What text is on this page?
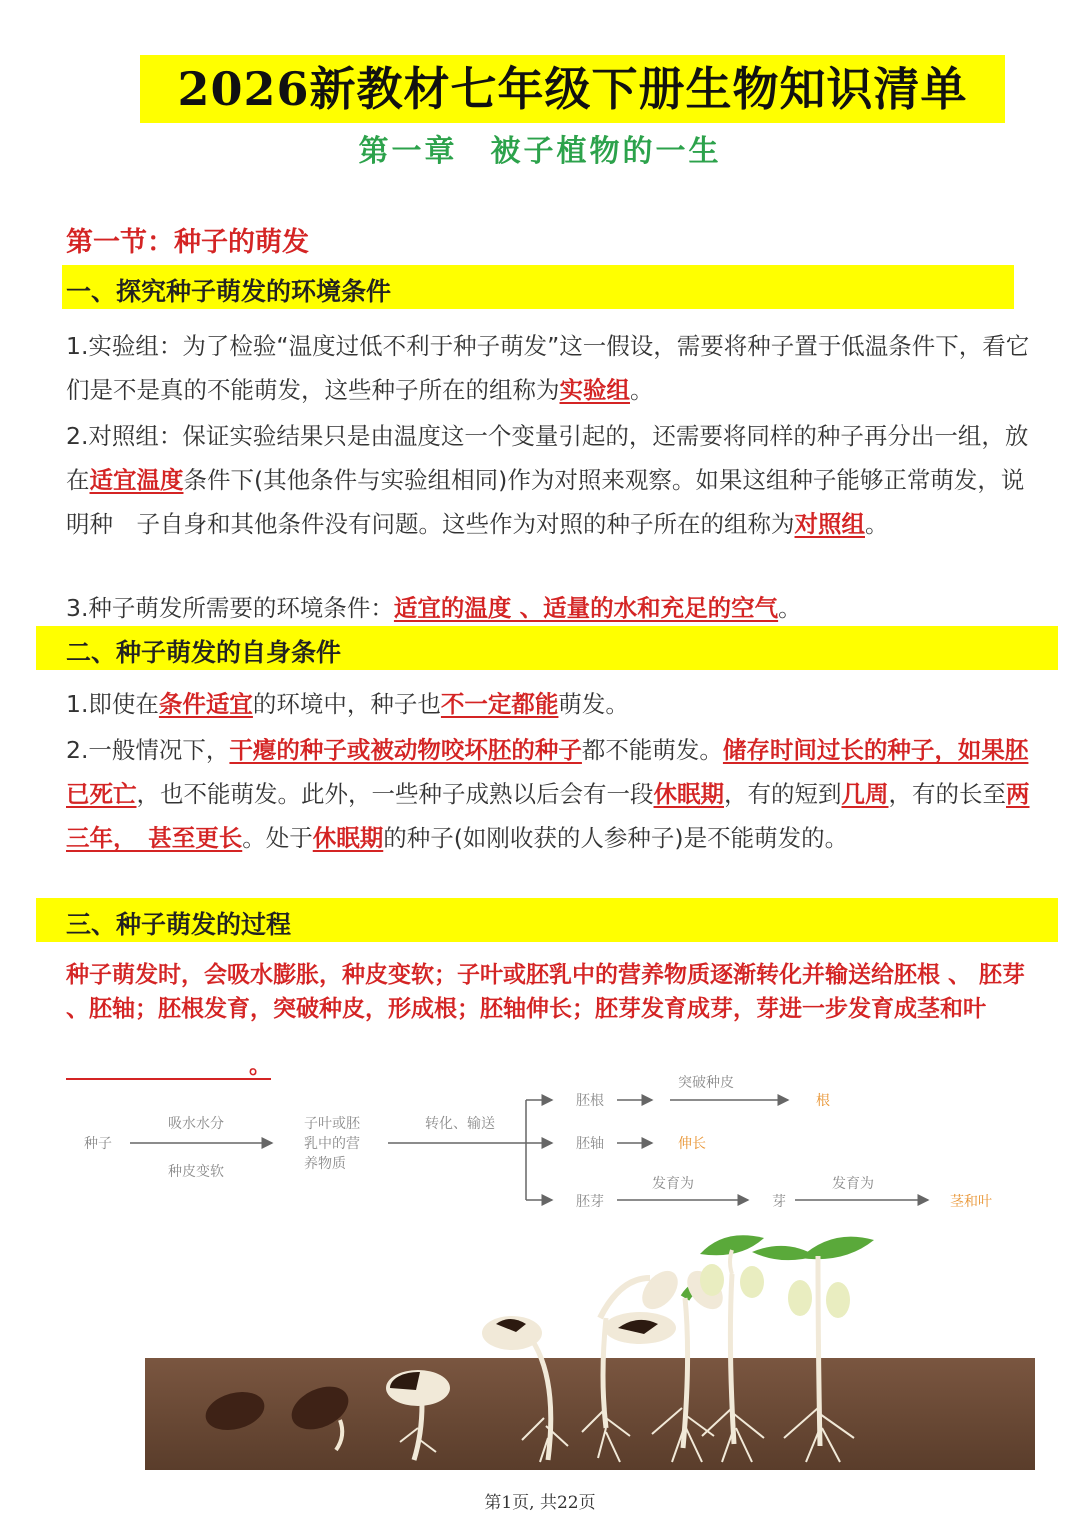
2026新教材七年级下册生物知识清单
第一章　被子植物的一生
第一节：种子的萌发
一、探究种子萌发的环境条件
1.实验组：为了检验“温度过低不利于种子萌发”这一假设，需要将种子置于低温条件下，看它们是不是真的不能萌发，这些种子所在的组称为实验组。
2.对照组：保证实验结果只是由温度这一个变量引起的，还需要将同样的种子再分出一组，放在适宜温度条件下(其他条件与实验组相同)作为对照来观察。如果这组种子能够正常萌发，说明种　子自身和其他条件没有问题。这些作为对照的种子所在的组称为对照组。
3.种子萌发所需要的环境条件：适宜的温度 、适量的水和充足的空气。
二、种子萌发的自身条件
1.即使在条件适宜的环境中，种子也不一定都能萌发。
2.一般情况下，干瘪的种子或被动物咬坏胚的种子都不能萌发。储存时间过长的种子，如果胚已死亡，也不能萌发。此外，一些种子成熟以后会有一段休眠期，有的短到几周，有的长至两三年，　甚至更长。处于休眠期的种子(如刚收获的人参种子)是不能萌发的。
三、种子萌发的过程
种子萌发时，会吸水膨胀，种皮变软；子叶或胚乳中的营养物质逐渐转化并输送给胚根 、 胚芽 、胚轴；胚根发育，突破种皮，形成根；胚轴伸长；胚芽发育成芽，芽进一步发育成茎和叶
。
种子
吸水水分
种皮变软
子叶或胚
乳中的营
养物质
转化、输送
胚根
突破种皮
根
胚轴	伸长
胚芽
发育为
芽
发育为
茎和叶
第1页, 共22页
